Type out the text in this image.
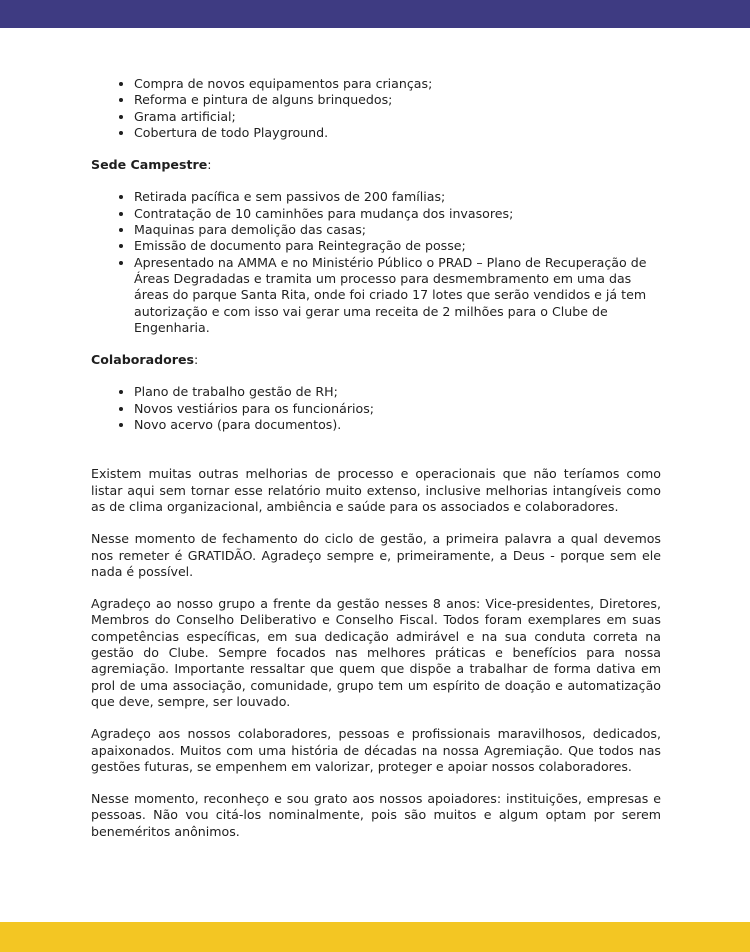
• Compra de novos equipamentos para crianças;
• Reforma e pintura de alguns brinquedos;
• Grama artificial;
• Cobertura de todo Playground.

Sede Campestre:

• Retirada pacífica e sem passivos de 200 famílias;
• Contratação de 10 caminhões para mudança dos invasores;
• Maquinas para demolição das casas;
• Emissão de documento para Reintegração de posse;
• Apresentado na AMMA e no Ministério Público o PRAD – Plano de Recuperação de Áreas Degradadas e tramita um processo para desmembramento em uma das áreas do parque Santa Rita, onde foi criado 17 lotes que serão vendidos e já tem autorização e com isso vai gerar uma receita de 2 milhões para o Clube de Engenharia.

Colaboradores:

• Plano de trabalho gestão de RH;
• Novos vestiários para os funcionários;
• Novo acervo (para documentos).

Existem muitas outras melhorias de processo e operacionais que não teríamos como listar aqui sem tornar esse relatório muito extenso, inclusive melhorias intangíveis como as de clima organizacional, ambiência e saúde para os associados e colaboradores.

Nesse momento de fechamento do ciclo de gestão, a primeira palavra a qual devemos nos remeter é GRATIDÃO. Agradeço sempre e, primeiramente, a Deus - porque sem ele nada é possível.

Agradeço ao nosso grupo a frente da gestão nesses 8 anos: Vice-presidentes, Diretores, Membros do Conselho Deliberativo e Conselho Fiscal. Todos foram exemplares em suas competências específicas, em sua dedicação admirável e na sua conduta correta na gestão do Clube. Sempre focados nas melhores práticas e benefícios para nossa agremiação. Importante ressaltar que quem que dispõe a trabalhar de forma dativa em prol de uma associação, comunidade, grupo tem um espírito de doação e automatização que deve, sempre, ser louvado.

Agradeço aos nossos colaboradores, pessoas e profissionais maravilhosos, dedicados, apaixonados. Muitos com uma história de décadas na nossa Agremiação. Que todos nas gestões futuras, se empenhem em valorizar, proteger e apoiar nossos colaboradores.

Nesse momento, reconheço e sou grato aos nossos apoiadores: instituições, empresas e pessoas. Não vou citá-los nominalmente, pois são muitos e algum optam por serem beneméritos anônimos.
